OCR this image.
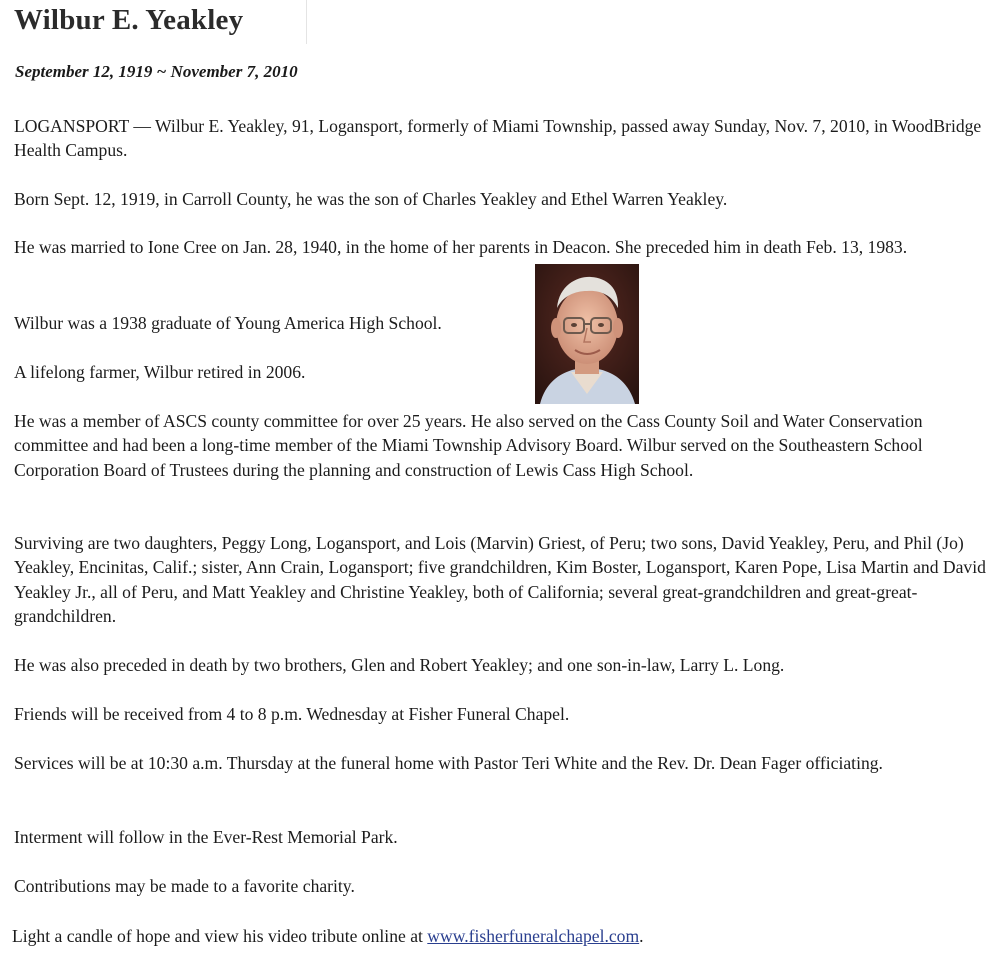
Wilbur E. Yeakley

September 12, 1919 ~ November 7, 2010

LOGANSPORT — Wilbur E. Yeakley, 91, Logansport, formerly of Miami Township, passed away Sunday, Nov. 7, 2010, in WoodBridge Health Campus.

Born Sept. 12, 1919, in Carroll County, he was the son of Charles Yeakley and Ethel Warren Yeakley.

He was married to Ione Cree on Jan. 28, 1940, in the home of her parents in Deacon. She preceded him in death Feb. 13, 1983.

Wilbur was a 1938 graduate of Young America High School.

A lifelong farmer, Wilbur retired in 2006.

He was a member of ASCS county committee for over 25 years. He also served on the Cass County Soil and Water Conservation committee and had been a long-time member of the Miami Township Advisory Board. Wilbur served on the Southeastern School Corporation Board of Trustees during the planning and construction of Lewis Cass High School.

Surviving are two daughters, Peggy Long, Logansport, and Lois (Marvin) Griest, of Peru; two sons, David Yeakley, Peru, and Phil (Jo) Yeakley, Encinitas, Calif.; sister, Ann Crain, Logansport; five grandchildren, Kim Boster, Logansport, Karen Pope, Lisa Martin and David Yeakley Jr., all of Peru, and Matt Yeakley and Christine Yeakley, both of California; several great-grandchildren and great-great-grandchildren.

He was also preceded in death by two brothers, Glen and Robert Yeakley; and one son-in-law, Larry L. Long.

Friends will be received from 4 to 8 p.m. Wednesday at Fisher Funeral Chapel.

Services will be at 10:30 a.m. Thursday at the funeral home with Pastor Teri White and the Rev. Dr. Dean Fager officiating.

Interment will follow in the Ever-Rest Memorial Park.

Contributions may be made to a favorite charity.

Light a candle of hope and view his video tribute online at www.fisherfuneralchapel.com.
